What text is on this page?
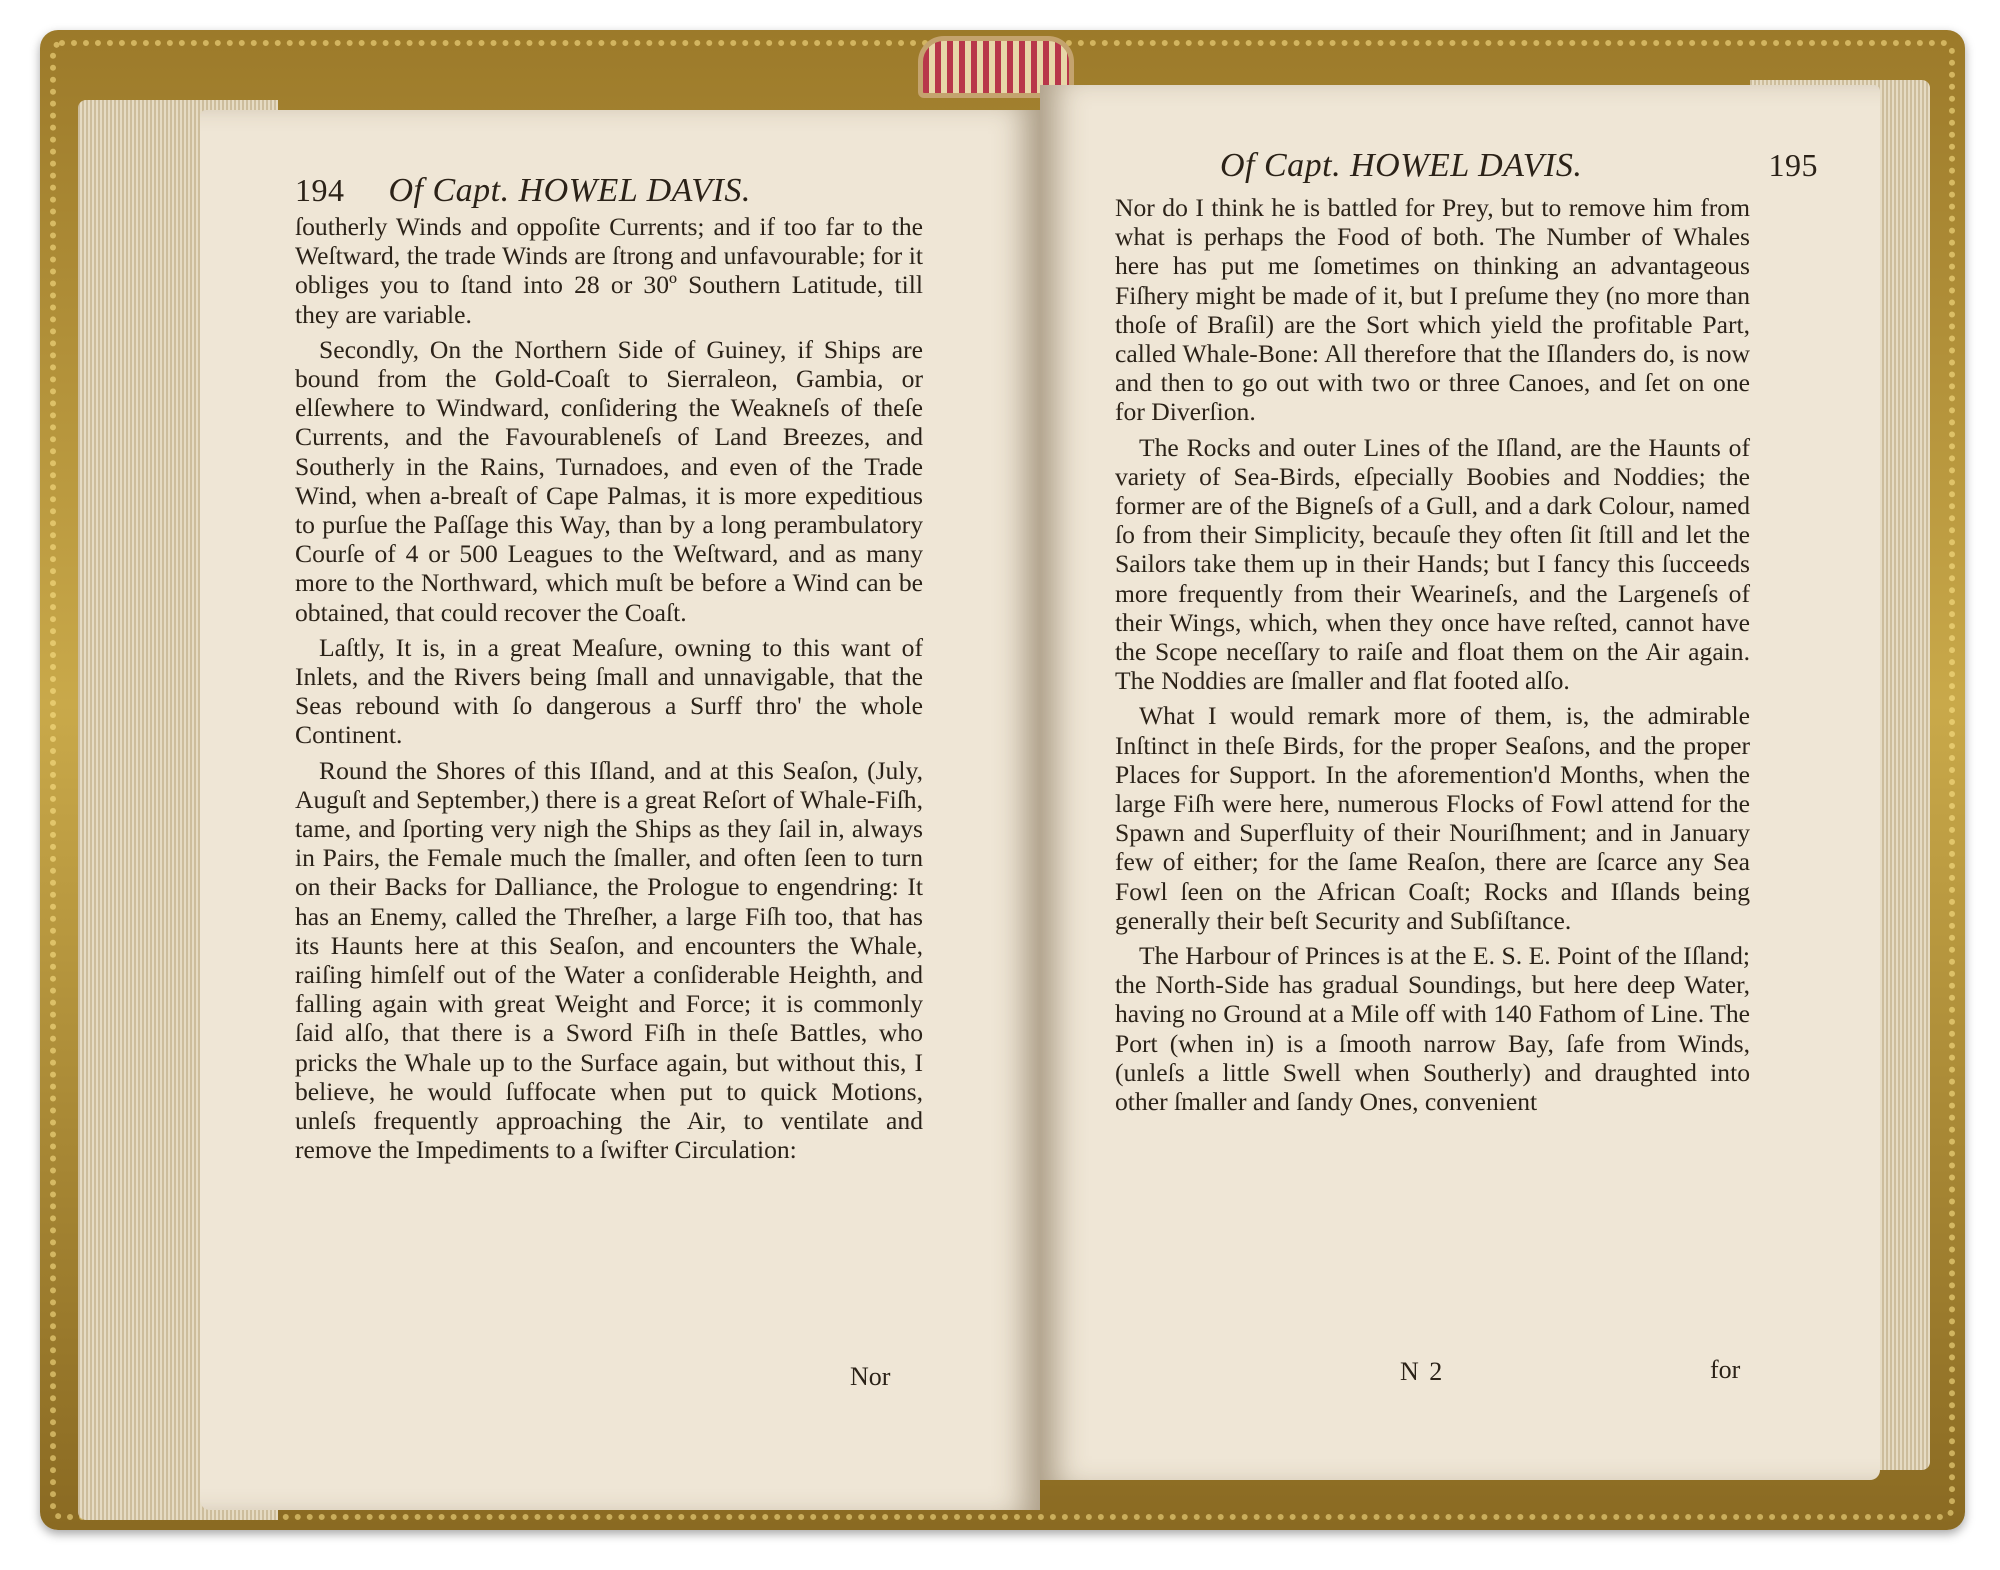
194 Of Capt. HOWEL DAVIS.

ſoutherly Winds and oppoſite Currents; and if too far to the Weſtward, the trade Winds are ſtrong and unfavourable; for it obliges you to ſtand into 28 or 30º Southern Latitude, till they are variable.

Secondly, On the Northern Side of Guiney, if Ships are bound from the Gold-Coaſt to Sierraleon, Gambia, or elſewhere to Windward, conſidering the Weakneſs of theſe Currents, and the Favourableneſs of Land Breezes, and Southerly in the Rains, Turnadoes, and even of the Trade Wind, when a-breaſt of Cape Palmas, it is more expeditious to purſue the Paſſage this Way, than by a long perambulatory Courſe of 4 or 500 Leagues to the Weſtward, and as many more to the Northward, which muſt be before a Wind can be obtained, that could recover the Coaſt.

Laſtly, It is, in a great Meaſure, owning to this want of Inlets, and the Rivers being ſmall and unnavigable, that the Seas rebound with ſo dangerous a Surff thro' the whole Continent.

Round the Shores of this Iſland, and at this Seaſon, (July, Auguſt and September,) there is a great Reſort of Whale-Fiſh, tame, and ſporting very nigh the Ships as they ſail in, always in Pairs, the Female much the ſmaller, and often ſeen to turn on their Backs for Dalliance, the Prologue to engendring: It has an Enemy, called the Threſher, a large Fiſh too, that has its Haunts here at this Seaſon, and encounters the Whale, raiſing himſelf out of the Water a conſiderable Heighth, and falling again with great Weight and Force; it is commonly ſaid alſo, that there is a Sword Fiſh in theſe Battles, who pricks the Whale up to the Surface again, but without this, I believe, he would ſuffocate when put to quick Motions, unleſs frequently approaching the Air, to ventilate and remove the Impediments to a ſwifter Circulation:

Nor
Of Capt. HOWEL DAVIS.	195

Nor do I think he is battled for Prey, but to remove him from what is perhaps the Food of both. The Number of Whales here has put me ſometimes on thinking an advantageous Fiſhery might be made of it, but I preſume they (no more than thoſe of Braſil) are the Sort which yield the profitable Part, called Whale-Bone: All therefore that the Iſlanders do, is now and then to go out with two or three Canoes, and ſet on one for Diverſion.

The Rocks and outer Lines of the Iſland, are the Haunts of variety of Sea-Birds, eſpecially Boobies and Noddies; the former are of the Bigneſs of a Gull, and a dark Colour, named ſo from their Simplicity, becauſe they often ſit ſtill and let the Sailors take them up in their Hands; but I fancy this ſucceeds more frequently from their Wearineſs, and the Largeneſs of their Wings, which, when they once have reſted, cannot have the Scope neceſſary to raiſe and float them on the Air again. The Noddies are ſmaller and flat footed alſo.

What I would remark more of them, is, the admirable Inſtinct in theſe Birds, for the proper Seaſons, and the proper Places for Support. In the aforemention'd Months, when the large Fiſh were here, numerous Flocks of Fowl attend for the Spawn and Superfluity of their Nouriſhment; and in January few of either; for the ſame Reaſon, there are ſcarce any Sea Fowl ſeen on the African Coaſt; Rocks and Iſlands being generally their beſt Security and Subſiſtance.

The Harbour of Princes is at the E. S. E. Point of the Iſland; the North-Side has gradual Soundings, but here deep Water, having no Ground at a Mile off with 140 Fathom of Line. The Port (when in) is a ſmooth narrow Bay, ſafe from Winds, (unleſs a little Swell when Southerly) and draughted into other ſmaller and ſandy Ones, convenient

N 2	for
